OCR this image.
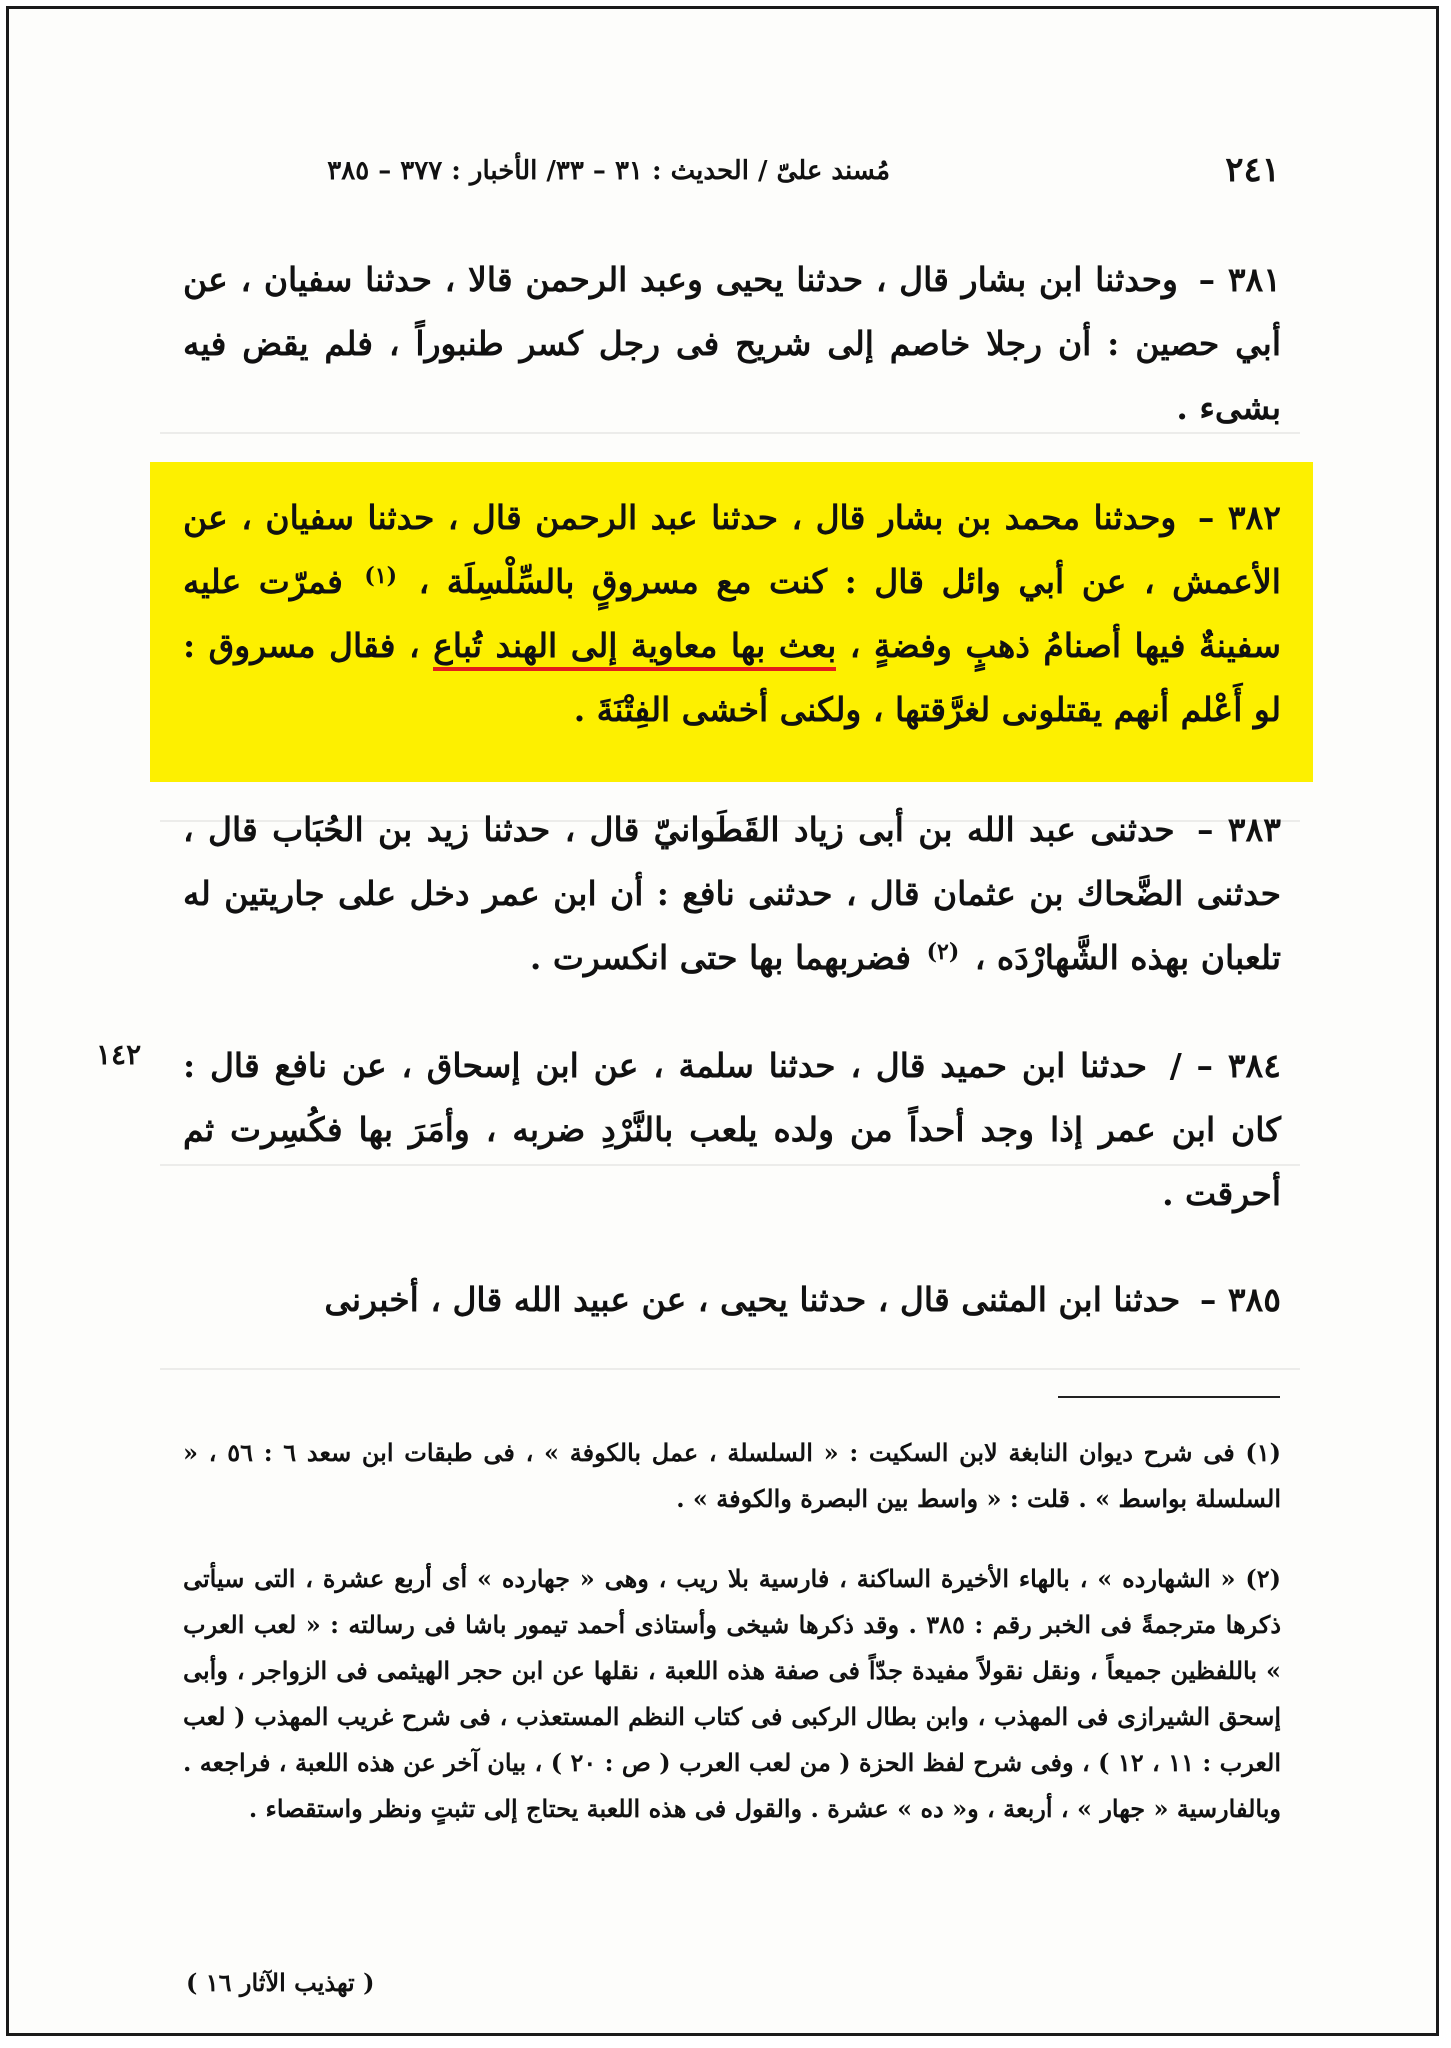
مُسند علىّ / الحديث : ٣١ – ٣٣/ الأخبار : ٣٧٧ – ٣٨٥	٢٤١
٣٨١ – وحدثنا ابن بشار قال ، حدثنا يحيى وعبد الرحمن قالا ، حدثنا سفيان ، عن أبي حصين : أن رجلا خاصم إلى شريح فى رجل كسر طنبوراً ، فلم يقض فيه بشىء .
٣٨٢ – وحدثنا محمد بن بشار قال ، حدثنا عبد الرحمن قال ، حدثنا سفيان ، عن الأعمش ، عن أبي وائل قال : كنت مع مسروقٍ بالسِّلْسِلَة ، $^{(١)}$ فمرّت عليه سفينةٌ فيها أصنامُ ذهبٍ وفضةٍ ، بعث بها معاوية إلى الهند تُباع ، فقال مسروق : لو أَعْلم أنهم يقتلونى لغرَّقتها ، ولكنى أخشى الفِتْنَةَ .
٣٨٣ – حدثنى عبد الله بن أبى زياد القَطَوانيّ قال ، حدثنا زيد بن الحُبَاب قال ، حدثنى الضَّحاك بن عثمان قال ، حدثنى نافع : أن ابن عمر دخل على جاريتين له تلعبان بهذه الشَّهارْدَه ، $^{(٢)}$ فضربهما بها حتى انكسرت .
١٤٢	٣٨٤ – / حدثنا ابن حميد قال ، حدثنا سلمة ، عن ابن إسحاق ، عن نافع قال : كان ابن عمر إذا وجد أحداً من ولده يلعب بالنَّرْدِ ضربه ، وأمَرَ بها فكُسِرت ثم أحرقت .
٣٨٥ – حدثنا ابن المثنى قال ، حدثنا يحيى ، عن عبيد الله قال ، أخبرنى
(١) فى شرح ديوان النابغة لابن السكيت : « السلسلة ، عمل بالكوفة » ، فى طبقات ابن سعد ٦ : ٥٦ ، « السلسلة بواسط » . قلت : « واسط بين البصرة والكوفة » .
(٢) « الشهارده » ، بالهاء الأخيرة الساكنة ، فارسية بلا ريب ، وهى « جهارده » أى أربع عشرة ، التى سيأتى ذكرها مترجمةً فى الخبر رقم : ٣٨٥ . وقد ذكرها شيخى وأستاذى أحمد تيمور باشا فى رسالته : « لعب العرب » باللفظين جميعاً ، ونقل نقولاً مفيدة جدّاً فى صفة هذه اللعبة ، نقلها عن ابن حجر الهيثمى فى الزواجر ، وأبى إسحق الشيرازى فى المهذب ، وابن بطال الركبى فى كتاب النظم المستعذب ، فى شرح غريب المهذب ( لعب العرب : ١١ ، ١٢ ) ، وفى شرح لفظ الحزة ( من لعب العرب ( ص : ٢٠ ) ، بيان آخر عن هذه اللعبة ، فراجعه . وبالفارسية « جهار » ، أربعة ، و« ده » عشرة . والقول فى هذه اللعبة يحتاج إلى تثبتٍ ونظر واستقصاء .
( تهذيب الآثار ١٦ )
